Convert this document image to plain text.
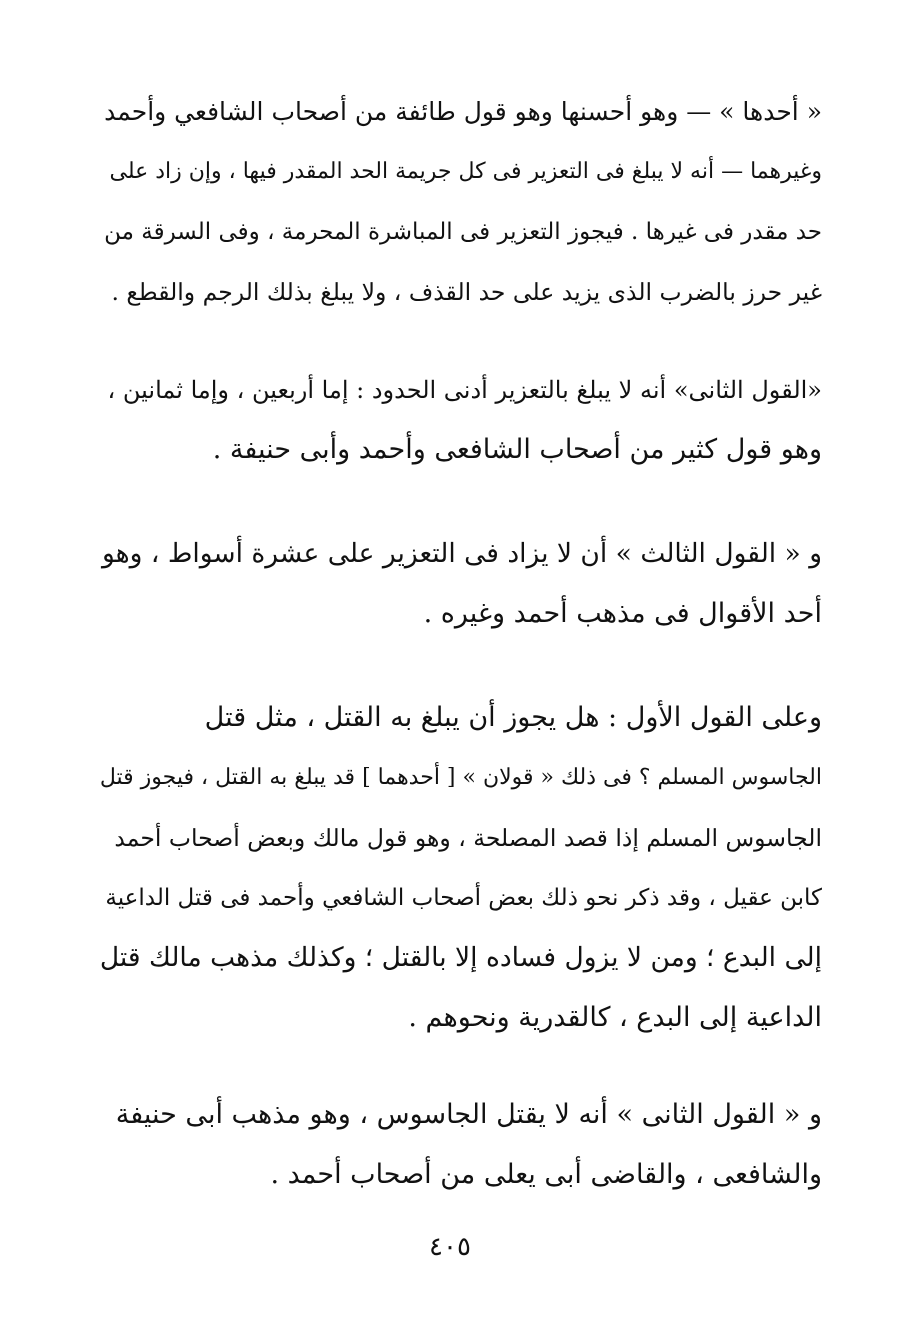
« أحدها » — وهو أحسنها وهو قول طائفة من أصحاب الشافعي وأحمد
وغيرهما — أنه لا يبلغ فى التعزير فى كل جريمة الحد المقدر فيها ، وإن زاد على
حد مقدر فى غيرها . فيجوز التعزير فى المباشرة المحرمة ، وفى السرقة من
غير حرز بالضرب الذى يزيد على حد القذف ، ولا يبلغ بذلك الرجم والقطع .
«القول الثانى» أنه لا يبلغ بالتعزير أدنى الحدود : إما أربعين ، وإما ثمانين ،
وهو قول كثير من أصحاب الشافعى وأحمد وأبى حنيفة .
و « القول الثالث » أن لا يزاد فى التعزير على عشرة أسواط ، وهو
أحد الأقوال فى مذهب أحمد وغيره .
وعلى القول الأول : هل يجوز أن يبلغ به القتل ، مثل قتل
الجاسوس المسلم ؟ فى ذلك « قولان » [ أحدهما ] قد يبلغ به القتل ، فيجوز قتل
الجاسوس المسلم إذا قصد المصلحة ، وهو قول مالك وبعض أصحاب أحمد
كابن عقيل ، وقد ذكر نحو ذلك بعض أصحاب الشافعي وأحمد فى قتل الداعية
إلى البدع ؛ ومن لا يزول فساده إلا بالقتل ؛ وكذلك مذهب مالك قتل
الداعية إلى البدع ، كالقدرية ونحوهم .
و « القول الثانى » أنه لا يقتل الجاسوس ، وهو مذهب أبى حنيفة
والشافعى ، والقاضى أبى يعلى من أصحاب أحمد .
٤٠٥
